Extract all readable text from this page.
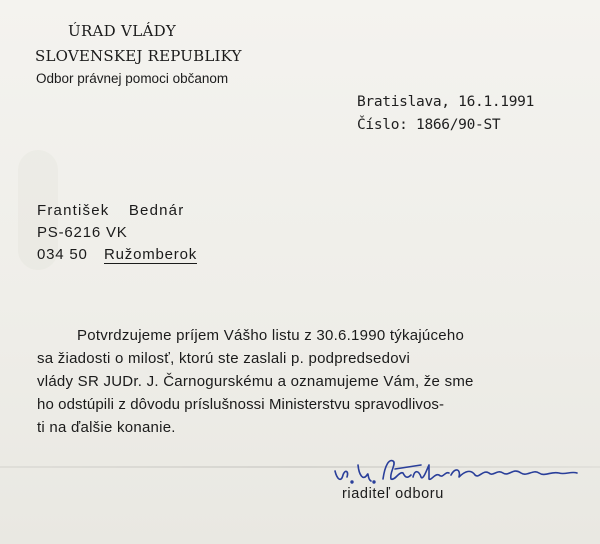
ÚRAD VLÁDY
SLOVENSKEJ REPUBLIKY
Odbor právnej pomoci občanom
Bratislava, 16.1.1991
Číslo: 1866/90-ST
František Bednár
PS-6216 VK
034 50 Ružomberok
Potvrdzujeme príjem Vášho listu z 30.6.1990 týkajúceho
sa žiadosti o milosť, ktorú ste zaslali p. podpredsedovi
vlády SR JUDr. J. Čarnogurskému a oznamujeme Vám, že sme
ho odstúpili z dôvodu príslušnossi Ministerstvu spravodlivos-
ti na ďalšie konanie.
riaditeľ odboru
